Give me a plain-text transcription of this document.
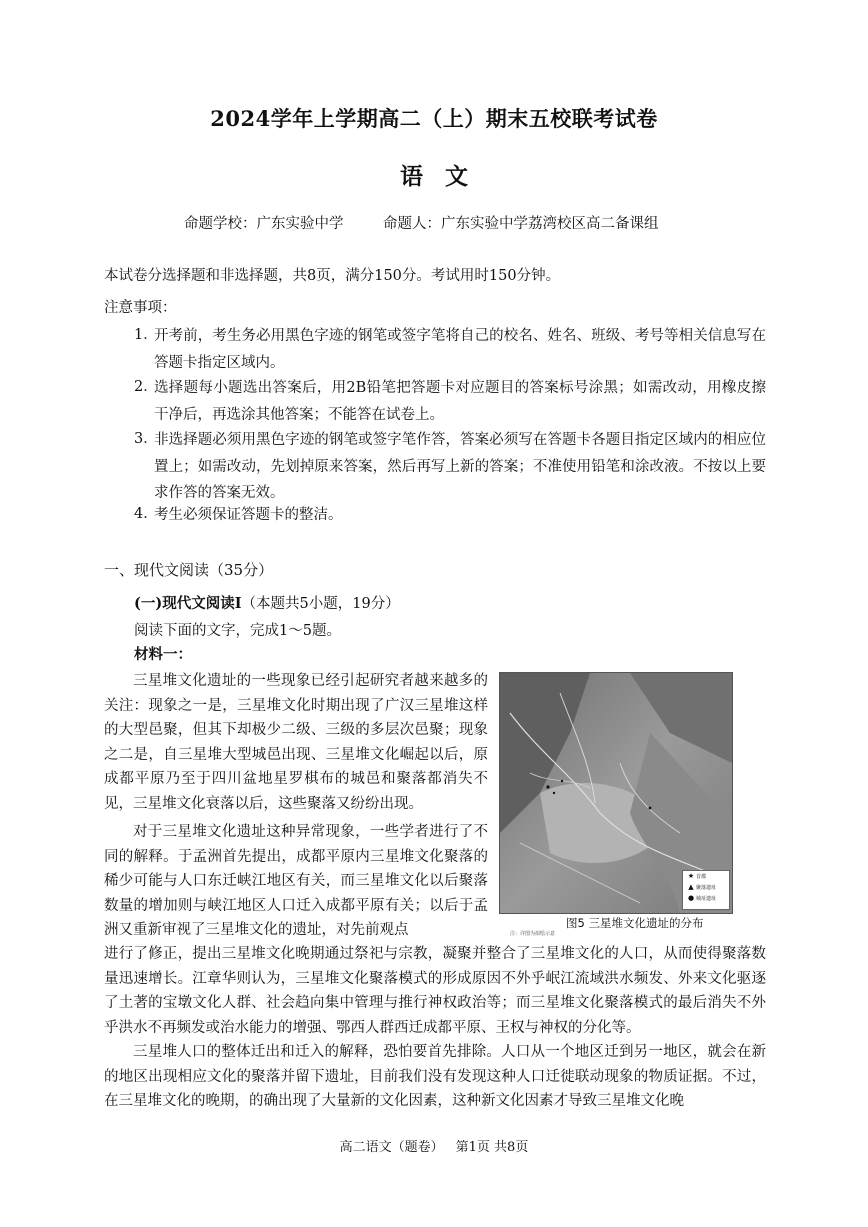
2024学年上学期高二（上）期末五校联考试卷
语文
命题学校：广东实验中学	命题人：广东实验中学荔湾校区高二备课组
本试卷分选择题和非选择题，共8页，满分150分。考试用时150分钟。
注意事项：
1．
开考前，考生务必用黑色字迹的钢笔或签字笔将自己的校名、姓名、班级、考号等相关信息写在答题卡指定区域内。
2．
选择题每小题选出答案后，用2B铅笔把答题卡对应题目的答案标号涂黑；如需改动，用橡皮擦干净后，再选涂其他答案；不能答在试卷上。
3．
非选择题必须用黑色字迹的钢笔或签字笔作答，答案必须写在答题卡各题目指定区域内的相应位置上；如需改动，先划掉原来答案，然后再写上新的答案；不准使用铅笔和涂改液。不按以上要求作答的答案无效。
4．
考生必须保证答题卡的整洁。
一、现代文阅读（35分）
(一)现代文阅读Ⅰ（本题共5小题，19分）
阅读下面的文字，完成1～5题。
材料一：
三星堆文化遗址的一些现象已经引起研究者越来越多的关注：现象之一是，三星堆文化时期出现了广汉三星堆这样的大型邑聚，但其下却极少二级、三级的多层次邑聚；现象之二是，自三星堆大型城邑出现、三星堆文化崛起以后，原成都平原乃至于四川盆地星罗棋布的城邑和聚落都消失不见，三星堆文化衰落以后，这些聚落又纷纷出现。
对于三星堆文化遗址这种异常现象，一些学者进行了不同的解释。于孟洲首先提出，成都平原内三星堆文化聚落的稀少可能与人口东迁峡江地区有关，而三星堆文化以后聚落数量的增加则与峡江地区人口迁入成都平原有关；以后于孟洲又重新审视了三星堆文化的遗址，对先前观点
进行了修正，提出三星堆文化晚期通过祭祀与宗教，凝聚并整合了三星堆文化的人口，从而使得聚落数量迅速增长。江章华则认为，三星堆文化聚落模式的形成原因不外乎岷江流域洪水频发、外来文化驱逐了土著的宝墩文化人群、社会趋向集中管理与推行神权政治等；而三星堆文化聚落模式的最后消失不外乎洪水不再频发或治水能力的增强、鄂西人群西迁成都平原、王权与神权的分化等。
三星堆人口的整体迁出和迁入的解释，恐怕要首先排除。人口从一个地区迁到另一地区，就会在新的地区出现相应文化的聚落并留下遗址，目前我们没有发现这种人口迁徙联动现象的物质证据。不过，在三星堆文化的晚期，的确出现了大量新的文化因素，这种新文化因素才导致三星堆文化晚
★ 首都
▲ 聚落遗址
● 城址遗址
图5 三星堆文化遗址的分布
注：详图为拟绘示意
高二语文（题卷） 第1页 共8页
